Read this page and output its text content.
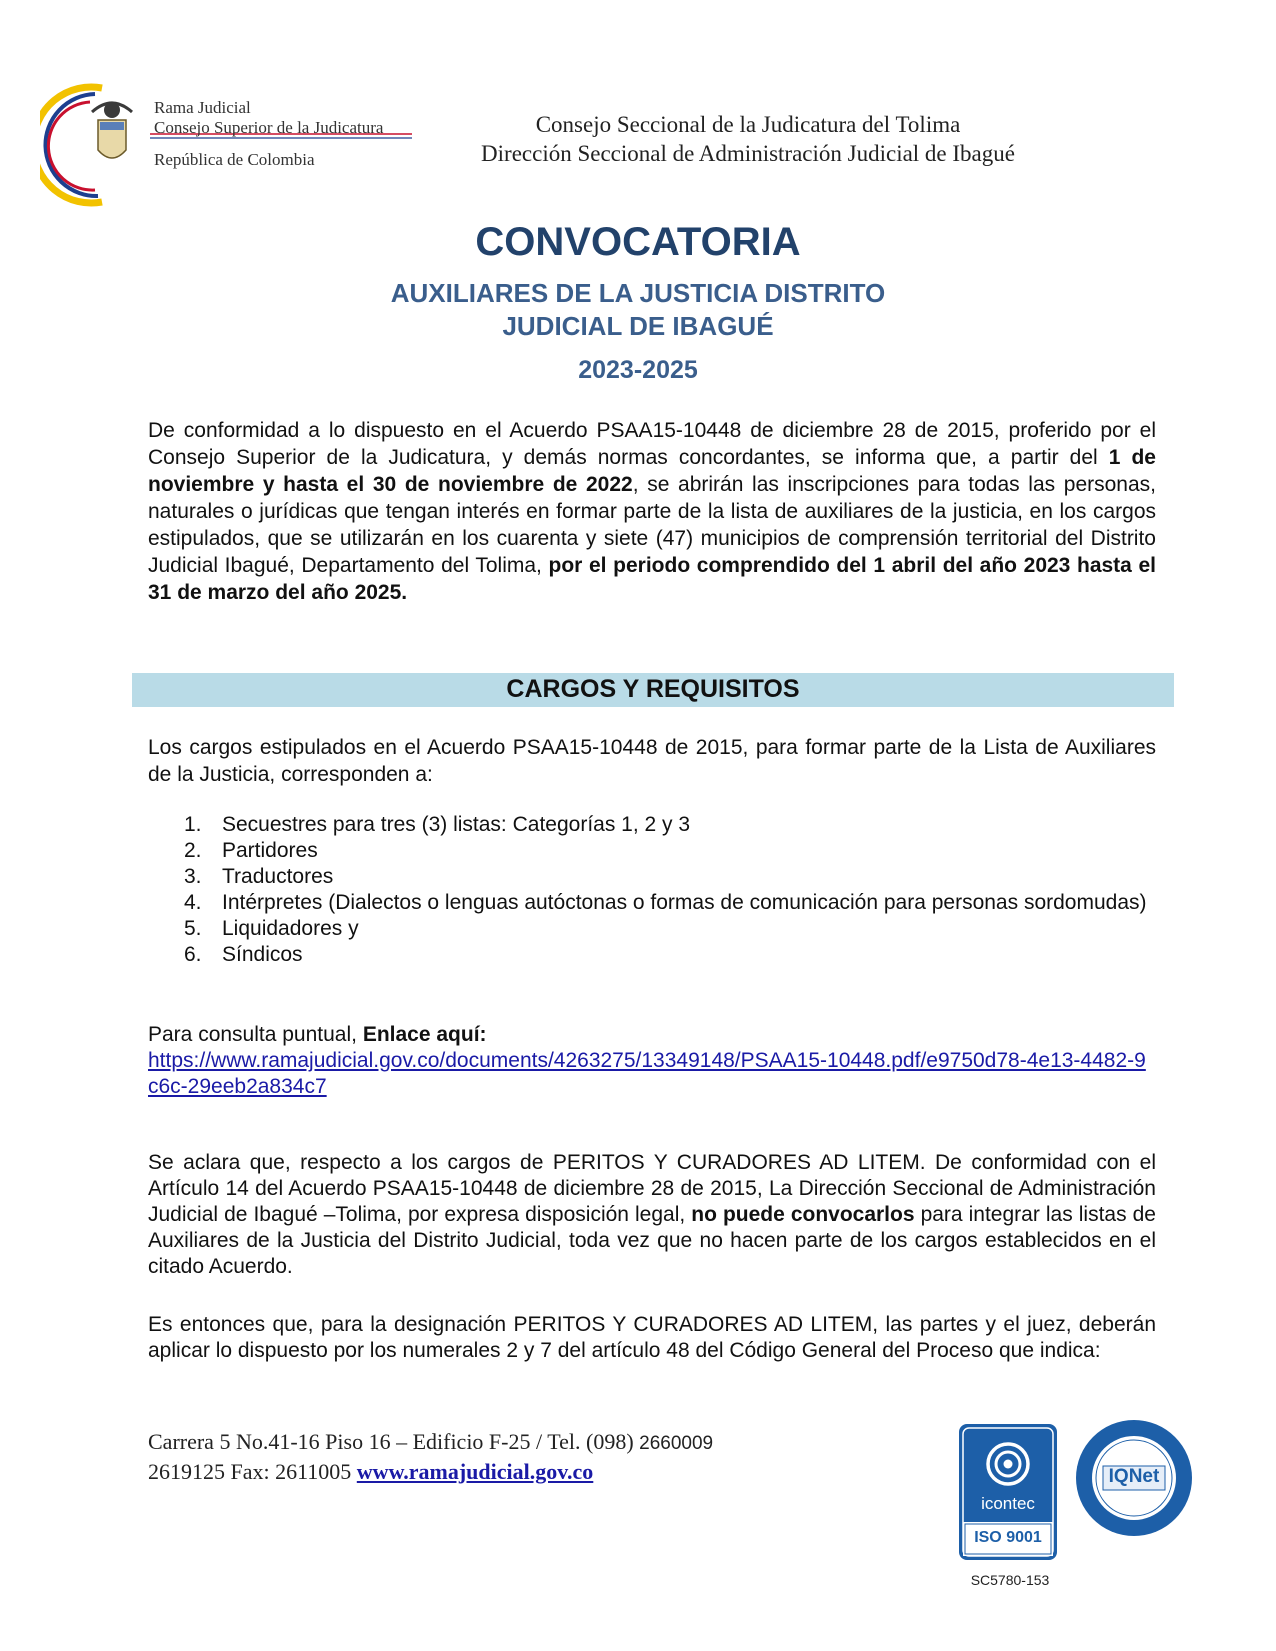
Rama Judicial
Consejo Superior de la Judicatura
República de Colombia
Consejo Seccional de la Judicatura del Tolima
Dirección Seccional de Administración Judicial de Ibagué
CONVOCATORIA
AUXILIARES DE LA JUSTICIA DISTRITO
JUDICIAL DE IBAGUÉ
2023-2025
De conformidad a lo dispuesto en el Acuerdo PSAA15-10448 de diciembre 28 de 2015, proferido por el Consejo Superior de la Judicatura, y demás normas concordantes, se informa que, a partir del 1 de noviembre y hasta el 30 de noviembre de 2022, se abrirán las inscripciones para todas las personas, naturales o jurídicas que tengan interés en formar parte de la lista de auxiliares de la justicia, en los cargos estipulados, que se utilizarán en los cuarenta y siete (47) municipios de comprensión territorial del Distrito Judicial Ibagué, Departamento del Tolima, por el periodo comprendido del 1 abril del año 2023 hasta el 31 de marzo del año 2025.
CARGOS Y REQUISITOS
Los cargos estipulados en el Acuerdo PSAA15-10448 de 2015, para formar parte de la Lista de Auxiliares de la Justicia, corresponden a:
1. Secuestres para tres (3) listas: Categorías 1, 2 y 3
2. Partidores
3. Traductores
4. Intérpretes (Dialectos o lenguas autóctonas o formas de comunicación para personas sordomudas)
5. Liquidadores y
6. Síndicos
Para consulta puntual, Enlace aquí:
https://www.ramajudicial.gov.co/documents/4263275/13349148/PSAA15-10448.pdf/e9750d78-4e13-4482-9c6c-29eeb2a834c7
Se aclara que, respecto a los cargos de PERITOS Y CURADORES AD LITEM. De conformidad con el Artículo 14 del Acuerdo PSAA15-10448 de diciembre 28 de 2015, La Dirección Seccional de Administración Judicial de Ibagué –Tolima, por expresa disposición legal, no puede convocarlos para integrar las listas de Auxiliares de la Justicia del Distrito Judicial, toda vez que no hacen parte de los cargos establecidos en el citado Acuerdo.
Es entonces que, para la designación PERITOS Y CURADORES AD LITEM, las partes y el juez, deberán aplicar lo dispuesto por los numerales 2 y 7 del artículo 48 del Código General del Proceso que indica:
Carrera 5 No.41-16 Piso 16 – Edificio F-25 / Tel. (098) 2660009
2619125 Fax: 2611005 www.ramajudicial.gov.co
icontec
ISO 9001
IQNet
SC5780-153
